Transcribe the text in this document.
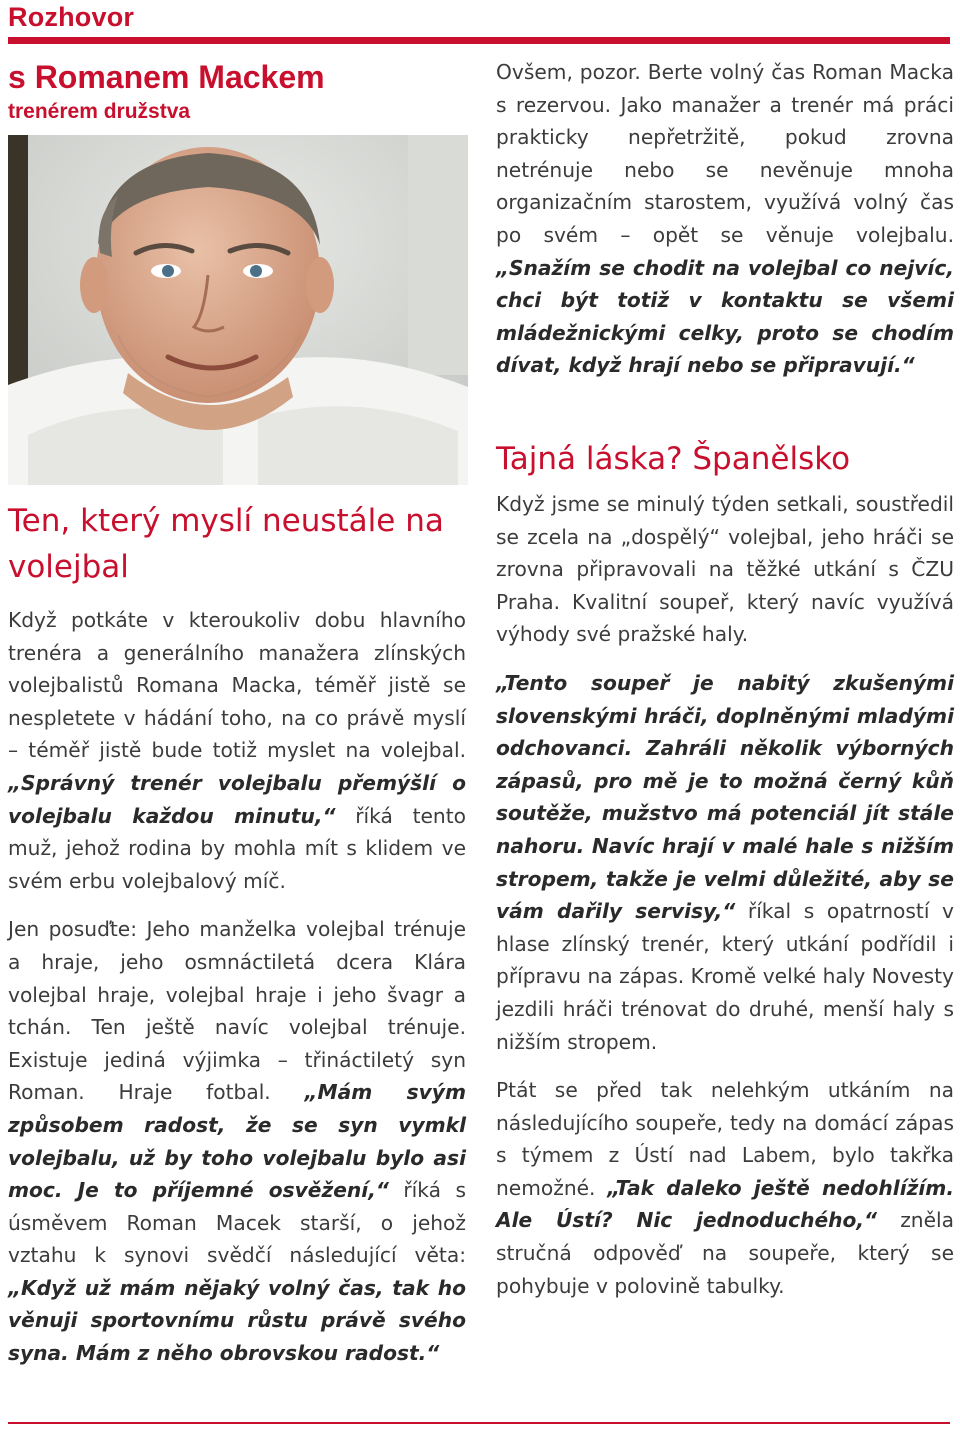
Rozhovor
s Romanem Mackem
trenérem družstva
Ten, který myslí neustále na volejbal

Když potkáte v kteroukoliv dobu hlavního trenéra a generálního manažera zlínských volejbalistů Romana Macka, téměř jistě se nespletete v hádání toho, na co právě myslí – téměř jistě bude totiž myslet na volejbal. „Správný trenér volejbalu přemýšlí o volejbalu každou minutu,“ říká tento muž, jehož rodina by mohla mít s klidem ve svém erbu volejbalový míč.

Jen posuďte: Jeho manželka volejbal trénuje a hraje, jeho osmnáctiletá dcera Klára volejbal hraje, volejbal hraje i jeho švagr a tchán. Ten ještě navíc volejbal trénuje. Existuje jediná výjimka – třináctiletý syn Roman. Hraje fotbal. „Mám svým způsobem radost, že se syn vymkl volejbalu, už by toho volejbalu bylo asi moc. Je to příjemné osvěžení,“ říká s úsměvem Roman Macek starší, o jehož vztahu k synovi svědčí následující věta: „Když už mám nějaký volný čas, tak ho věnuji sportovnímu růstu právě svého syna. Mám z něho obrovskou radost.“

Ovšem, pozor. Berte volný čas Roman Macka s rezervou. Jako manažer a trenér má práci prakticky nepřetržitě, pokud zrovna netrénuje nebo se nevěnuje mnoha organizačním starostem, využívá volný čas po svém – opět se věnuje volejbalu. „Snažím se chodit na volejbal co nejvíc, chci být totiž v kontaktu se všemi mládežnickými celky, proto se chodím dívat, když hrají nebo se připravují.“

Tajná láska? Španělsko

Když jsme se minulý týden setkali, soustředil se zcela na „dospělý“ volejbal, jeho hráči se zrovna připravovali na těžké utkání s ČZU Praha. Kvalitní soupeř, který navíc využívá výhody své pražské haly.

„Tento soupeř je nabitý zkušenými slovenskými hráči, doplněnými mladými odchovanci. Zahráli několik výborných zápasů, pro mě je to možná černý kůň soutěže, mužstvo má potenciál jít stále nahoru. Navíc hrají v malé hale s nižším stropem, takže je velmi důležité, aby se vám dařily servisy,“ říkal s opatrností v hlase zlínský trenér, který utkání podřídil i přípravu na zápas. Kromě velké haly Novesty jezdili hráči trénovat do druhé, menší haly s nižším stropem.

Ptát se před tak nelehkým utkáním na následujícího soupeře, tedy na domácí zápas s týmem z Ústí nad Labem, bylo takřka nemožné. „Tak daleko ještě nedohlížím. Ale Ústí? Nic jednoduchého,“ zněla stručná odpověď na soupeře, který se pohybuje v polovině tabulky.
